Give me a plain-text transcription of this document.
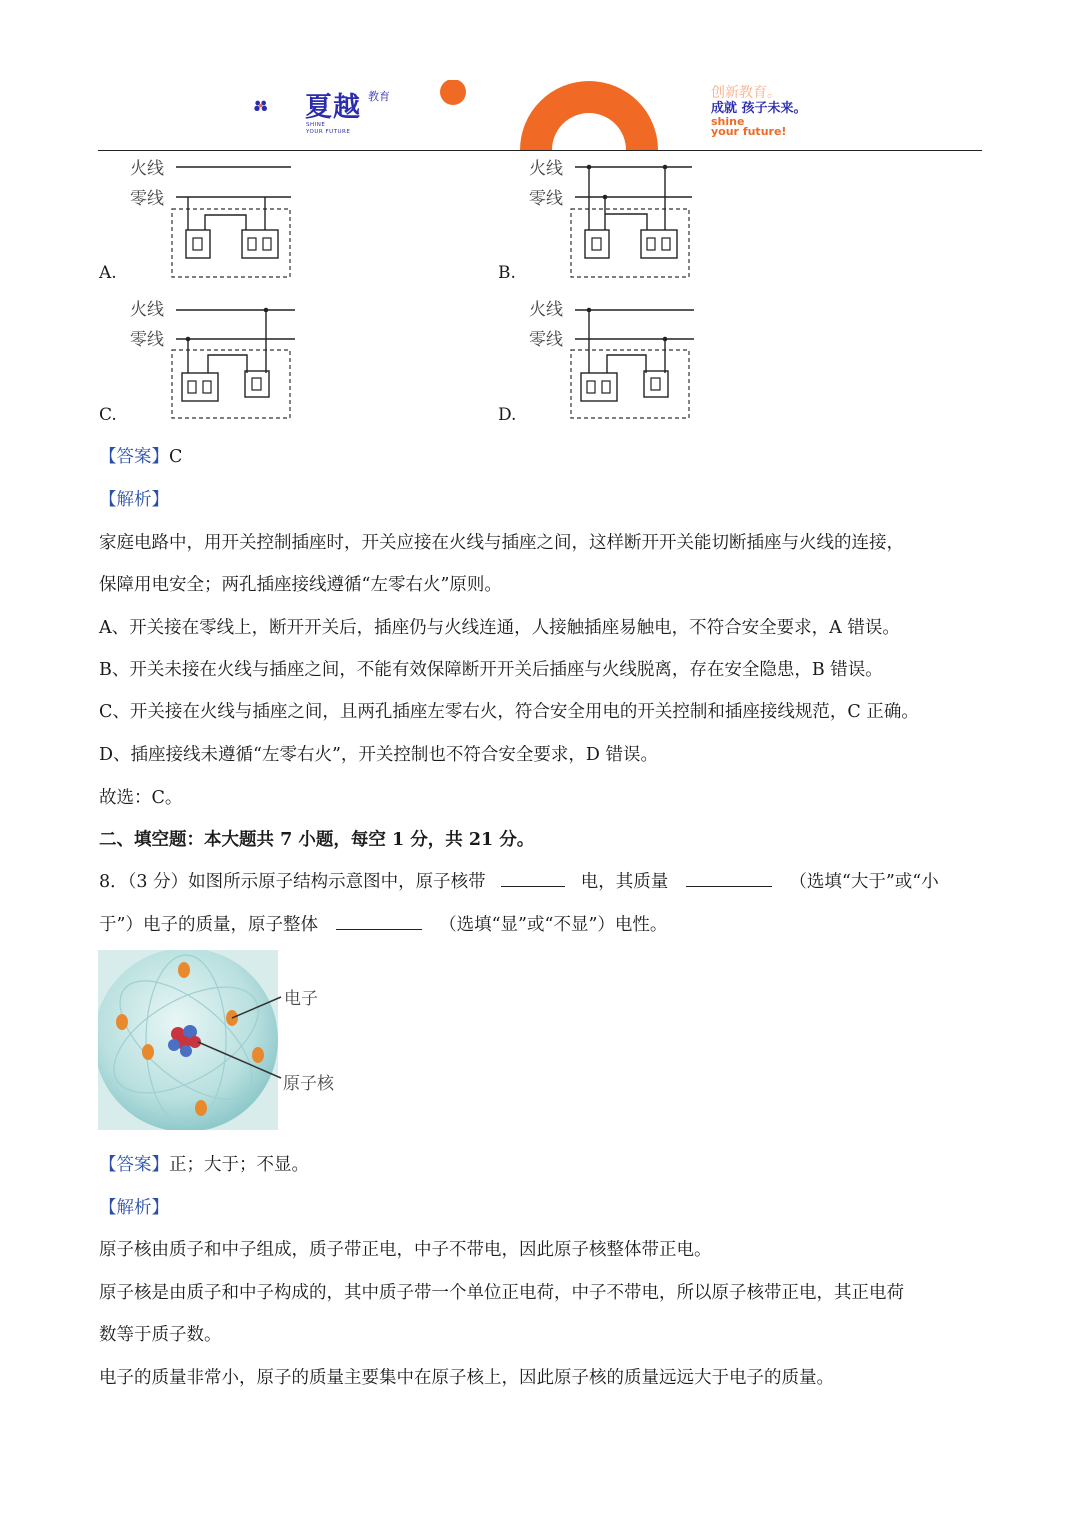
夏越 教育
SHINE
YOUR FUTURE
创新教育。
成就 孩子未来。
shine
your future!
A.
火线
零线
B.
火线
零线
C.
火线
零线
D.
火线
零线
【答案】C
【解析】
家庭电路中，用开关控制插座时，开关应接在火线与插座之间，这样断开开关能切断插座与火线的连接，
保障用电安全；两孔插座接线遵循“左零右火”原则。
A、开关接在零线上，断开开关后，插座仍与火线连通，人接触插座易触电，不符合安全要求，A 错误。
B、开关未接在火线与插座之间，不能有效保障断开开关后插座与火线脱离，存在安全隐患，B 错误。
C、开关接在火线与插座之间，且两孔插座左零右火，符合安全用电的开关控制和插座接线规范，C 正确。
D、插座接线未遵循“左零右火”，开关控制也不符合安全要求，D 错误。
故选：C。
二、填空题：本大题共 7 小题，每空 1 分，共 21 分。
8．（3 分）如图所示原子结构示意图中，原子核带	电，其质量	（选填“大于”或“小
于”）电子的质量，原子整体	（选填“显”或“不显”）电性。
电子
原子核
【答案】正；大于；不显。
【解析】
原子核由质子和中子组成，质子带正电，中子不带电，因此原子核整体带正电。
原子核是由质子和中子构成的，其中质子带一个单位正电荷，中子不带电，所以原子核带正电，其正电荷
数等于质子数。
电子的质量非常小，原子的质量主要集中在原子核上，因此原子核的质量远远大于电子的质量。
